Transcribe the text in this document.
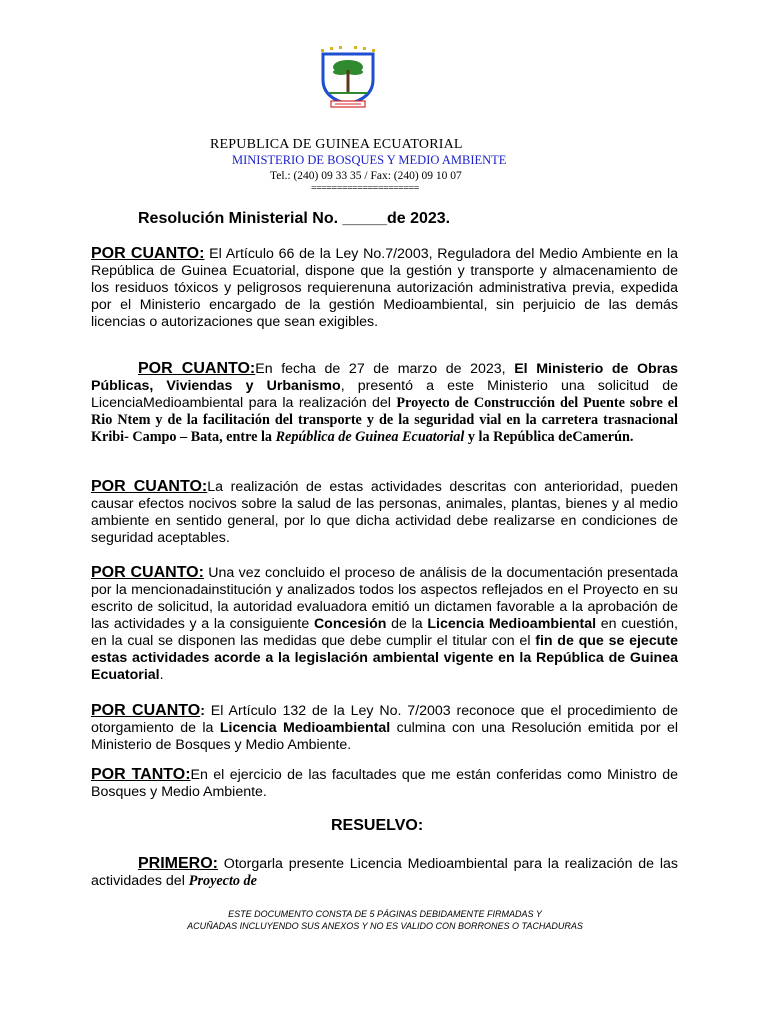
REPUBLICA DE GUINEA ECUATORIAL
MINISTERIO DE BOSQUES Y MEDIO AMBIENTE
Tel.: (240) 09 33 35 / Fax: (240) 09 10 07
=====================
Resolución Ministerial No. _____de 2023.

POR CUANTO: El Artículo 66 de la Ley No.7/2003, Reguladora del Medio Ambiente en la República de Guinea Ecuatorial, dispone que la gestión y transporte y almacenamiento de los residuos tóxicos y peligrosos requierenuna autorización administrativa previa, expedida por el Ministerio encargado de la gestión Medioambiental, sin perjuicio de las demás licencias o autorizaciones que sean exigibles.

POR CUANTO:En fecha de 27 de marzo de 2023, El Ministerio de Obras Públicas, Viviendas y Urbanismo, presentó a este Ministerio una solicitud de LicenciaMedioambiental para la realización del Proyecto de Construcción del Puente sobre el Rio Ntem y de la facilitación del transporte y de la seguridad vial en la carretera trasnacional Kribi- Campo – Bata, entre la República de Guinea Ecuatorial y la República deCamerún.

POR CUANTO:La realización de estas actividades descritas con anterioridad, pueden causar efectos nocivos sobre la salud de las personas, animales, plantas, bienes y al medio ambiente en sentido general, por lo que dicha actividad debe realizarse en condiciones de seguridad aceptables.

POR CUANTO: Una vez concluido el proceso de análisis de la documentación presentada por la mencionadainstitución y analizados todos los aspectos reflejados en el Proyecto en su escrito de solicitud, la autoridad evaluadora emitió un dictamen favorable a la aprobación de las actividades y a la consiguiente Concesión de la Licencia Medioambiental en cuestión, en la cual se disponen las medidas que debe cumplir el titular con el fin de que se ejecute estas actividades acorde a la legislación ambiental vigente en la República de Guinea Ecuatorial.

POR CUANTO: El Artículo 132 de la Ley No. 7/2003 reconoce que el procedimiento de otorgamiento de la Licencia Medioambiental culmina con una Resolución emitida por el Ministerio de Bosques y Medio Ambiente.

POR TANTO:En el ejercicio de las facultades que me están conferidas como Ministro de Bosques y Medio Ambiente.

RESUELVO:

PRIMERO: Otorgarla presente Licencia Medioambiental para la realización de las actividades del Proyecto de

ESTE DOCUMENTO CONSTA DE 5 PÁGINAS DEBIDAMENTE FIRMADAS Y
ACUÑADAS INCLUYENDO SUS ANEXOS Y NO ES VALIDO CON BORRONES O TACHADURAS
